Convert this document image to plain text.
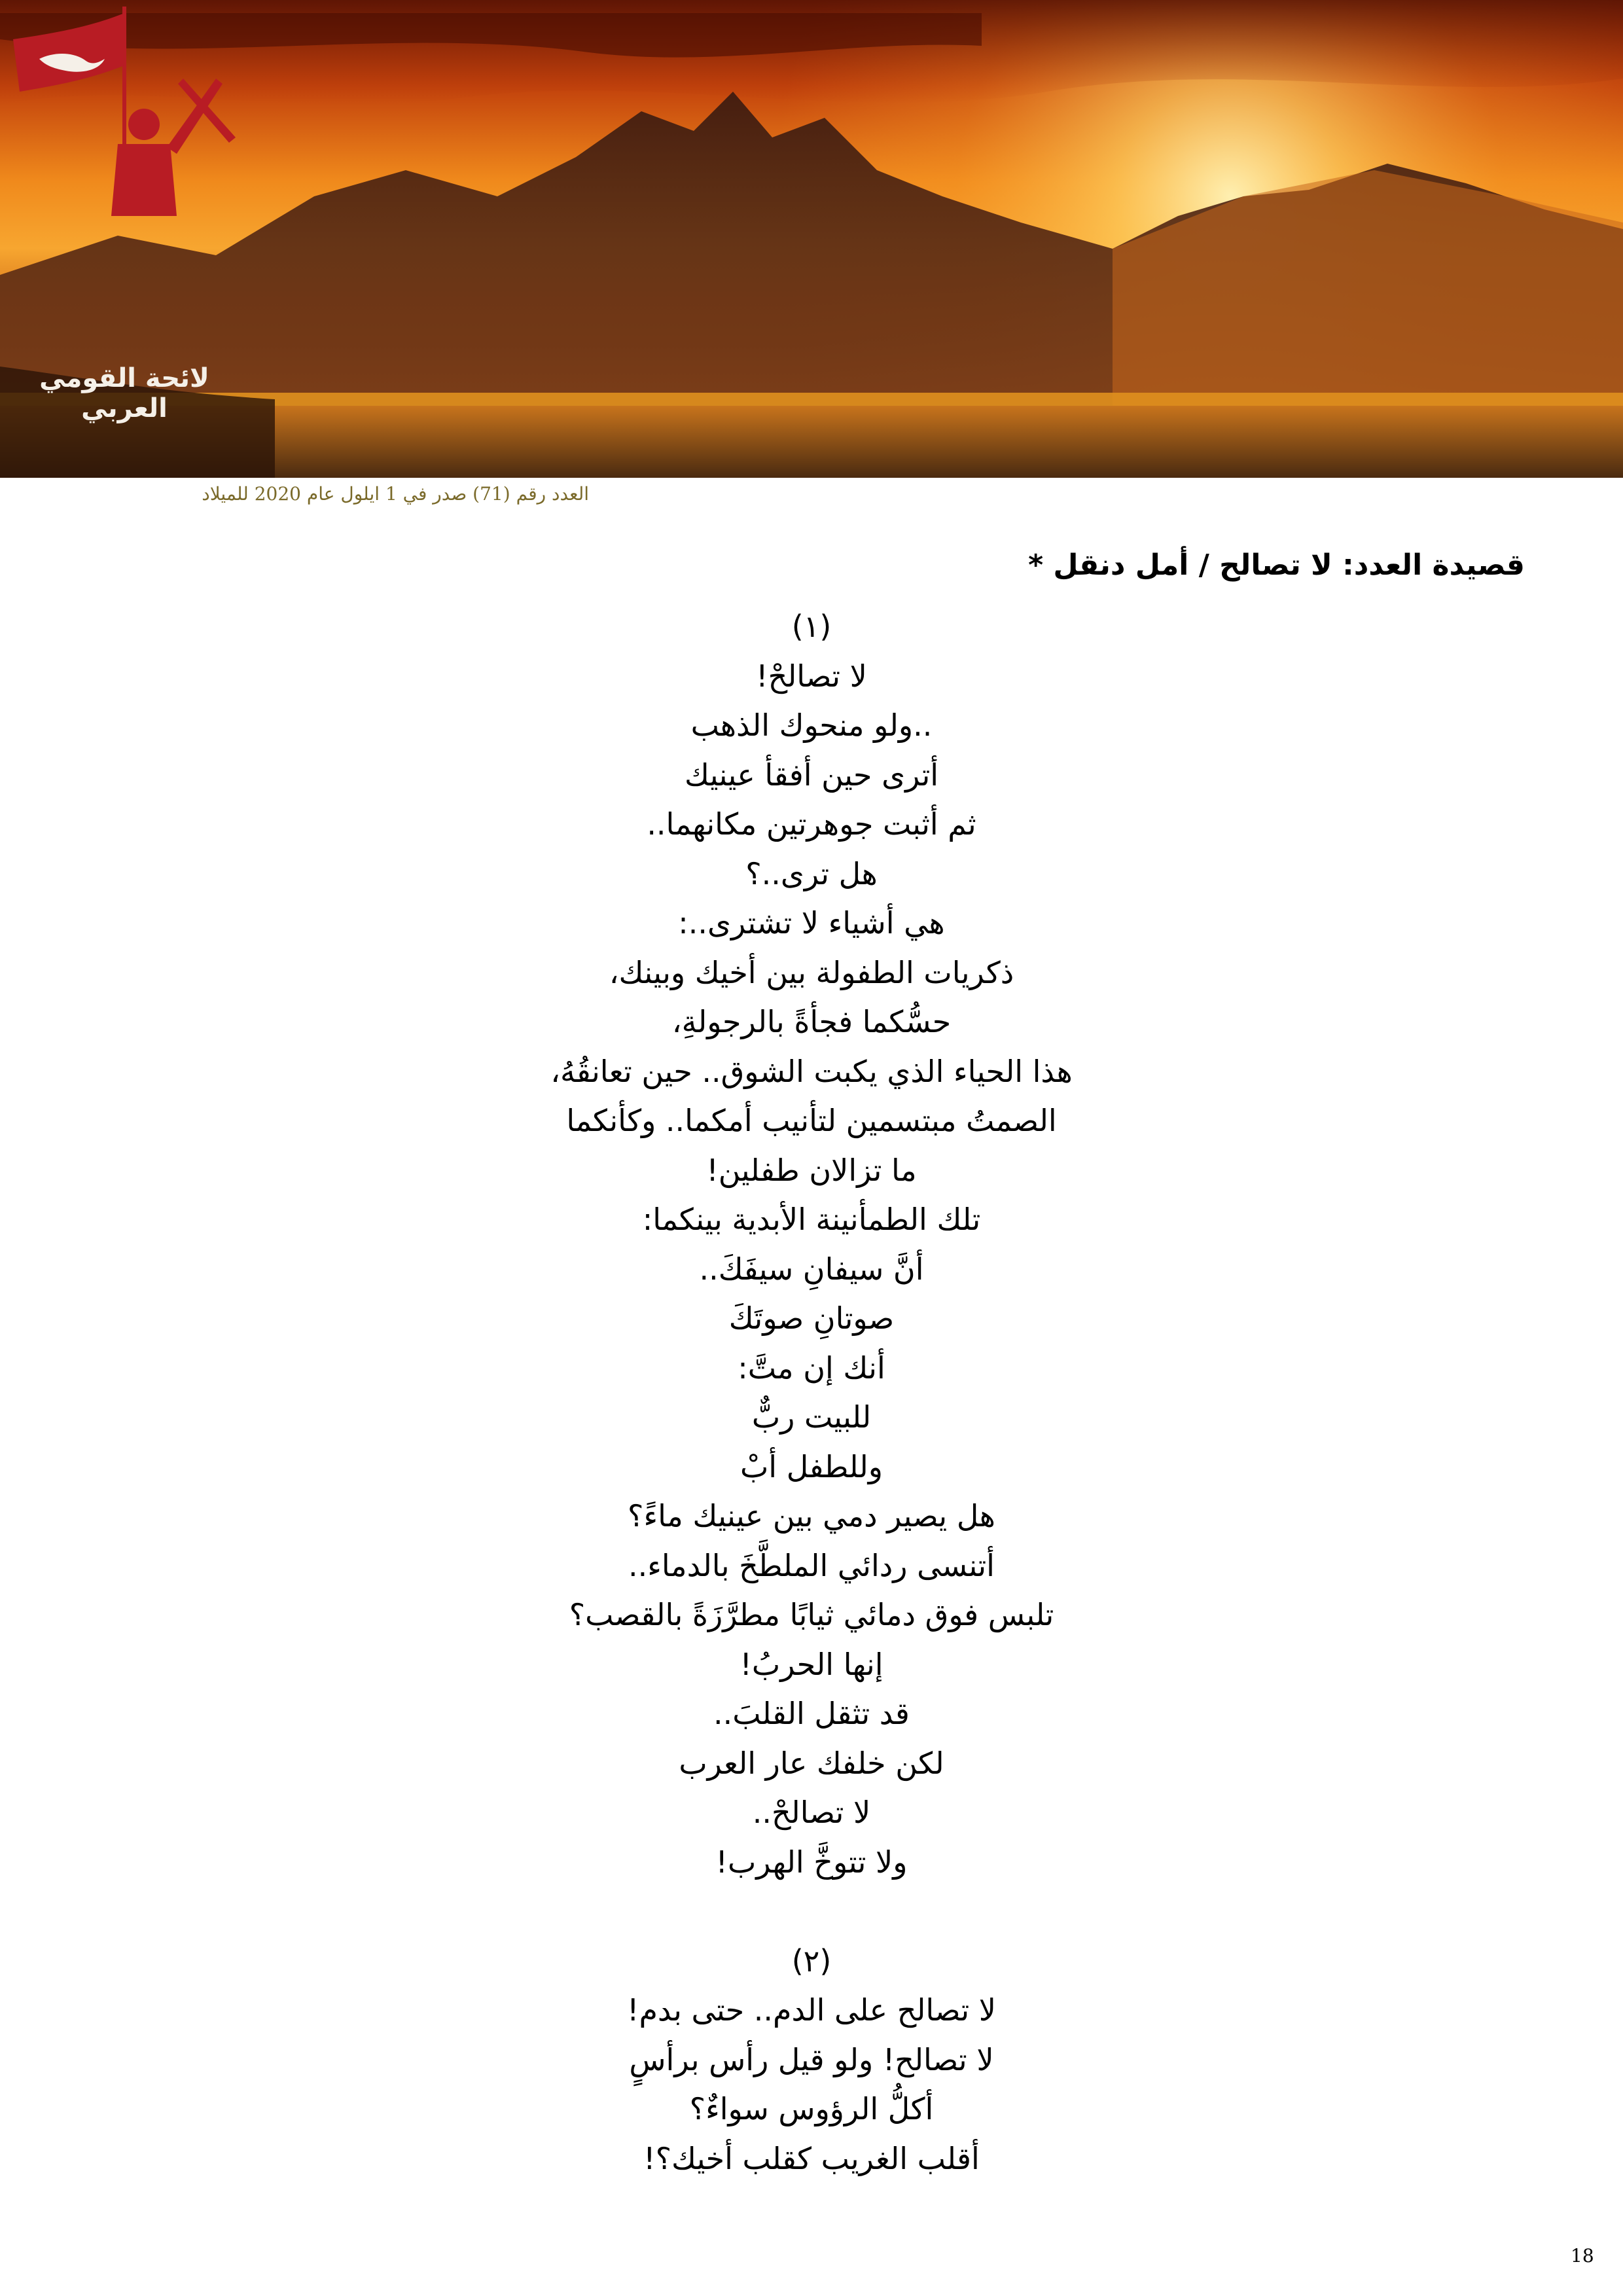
لائحة القومي العربي
العدد رقم (71) صدر في 1 ايلول عام 2020 للميلاد
قصيدة العدد: لا تصالح / أمل دنقل *
(١)
لا تصالحْ!
..ولو منحوك الذهب
أترى حين أفقأ عينيك
ثم أثبت جوهرتين مكانهما..
هل ترى..؟
هي أشياء لا تشترى..:
ذكريات الطفولة بين أخيك وبينك،
حسُّكما فجأةً بالرجولةِ،
هذا الحياء الذي يكبت الشوق.. حين تعانقُهُ،
الصمتُ مبتسمين لتأنيب أمكما.. وكأنكما
ما تزالان طفلين!
تلك الطمأنينة الأبدية بينكما:
أنَّ سيفانِ سيفَكَ..
صوتانِ صوتَكَ
أنك إن متَّ:
للبيت ربٌّ
وللطفل أبْ
هل يصير دمي بين عينيك ماءً؟
أتنسى ردائي الملطَّخَ بالدماء..
تلبس فوق دمائي ثيابًا مطرَّزَةً بالقصب؟
إنها الحربُ!
قد تثقل القلبَ..
لكن خلفك عار العرب
لا تصالحْ..
ولا تتوخَّ الهرب!
(٢)
لا تصالح على الدم.. حتى بدم!
لا تصالح! ولو قيل رأس برأسٍ
أكلُّ الرؤوس سواءٌ؟
أقلب الغريب كقلب أخيك؟!
18
